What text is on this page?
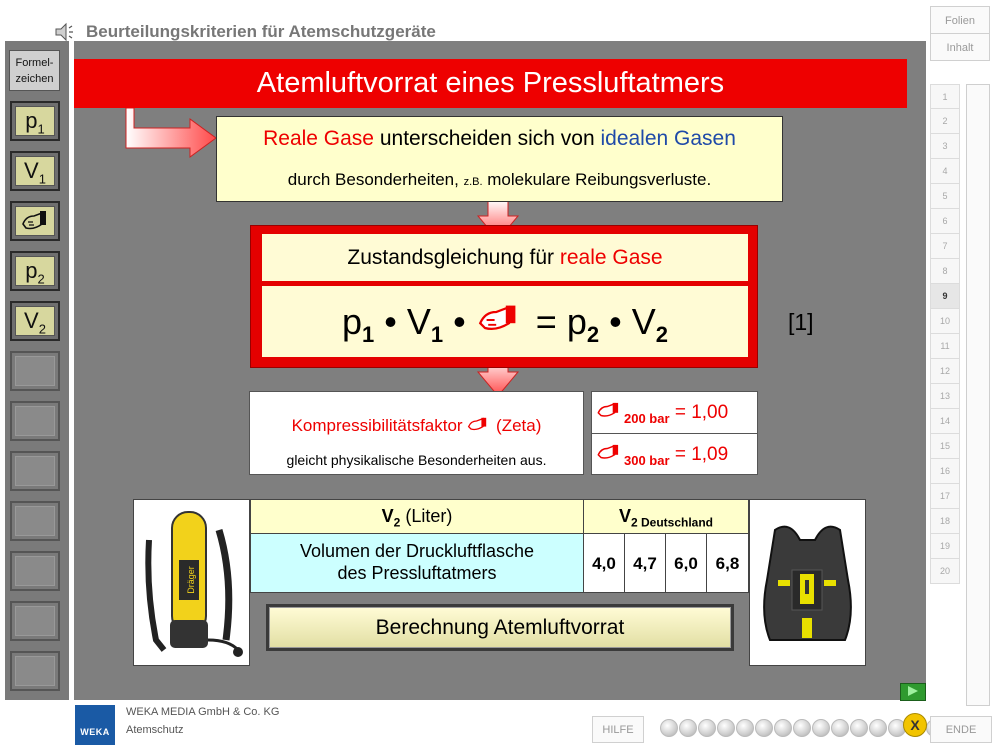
Beurteilungskriterien für Atemschutzgeräte
Folien
Inhalt
1
2
3
4
5
6
7
8
9
10
11
12
13
14
15
16
17
18
19
20
Formel-
zeichen
$p_1$
$V_1$
$p_2$
$V_2$
Atemluftvorrat eines Pressluftatmers
Reale Gase unterscheiden sich von idealen Gasen
durch Besonderheiten, z.B. molekulare Reibungsverluste.
Zustandsgleichung für reale Gase
$p_1$ • $V_1$ •  = $p_2$ • $V_2$	[1]
Kompressibilitätsfaktor  (Zeta)
gleicht physikalische Besonderheiten aus.
$_{200 bar}$ = 1,00
$_{300 bar}$ = 1,09
Dräger
$V_2$ (Liter)	$V_{2 Deutschland}$
Volumen der Druckluftflasche
des Pressluftatmers	4,0	4,7	6,0	6,8
Berechnung Atemluftvorrat
WEKA
WEKA MEDIA GmbH & Co. KG
Atemschutz	HILFE	X	ENDE
